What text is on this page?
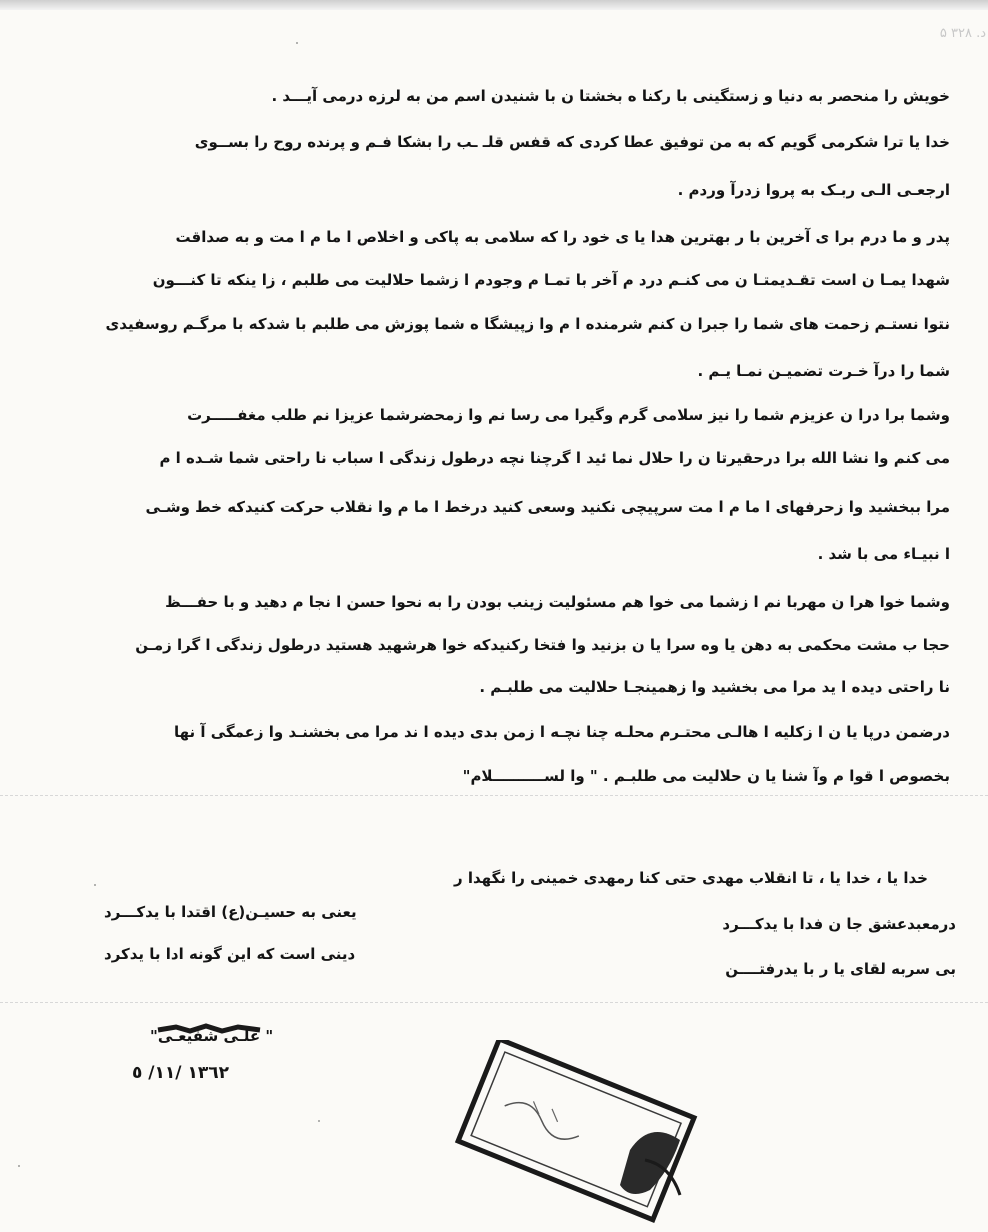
د. ۳۲۸ ۵
خویش را منحصر به دنیا و زستگینی با رکنا ه بخشتا ن با شنیدن اسم من به لرزه درمی آیـــد .
خدا یا ترا شکرمی گویم که به من توفیق عطا کردی که قفس قلـ ـب را بشکا فـم و پرنده روح را بســوی
ارجعـی الـی ربـک به پروا زدرآ وردم .
پدر و ما درم برا ی آخرین با ر بهترین هدا یا ی خود را که سلامی به پاکی و اخلاص ا ما م ا مت و به صداقت
شهدا یمـا ن است تقـدیمتـا ن می کنـم درد م آخر با تمـا م وجودم ا زشما حلالیت می طلبم ، زا ینکه تا کنـــون
نتوا نستـم زحمت های شما را جبرا ن کنم شرمنده ا م وا زپیشگا ه شما پوزش می طلبم با شدکه با مرگـم روسفیدی
شما را درآ خـرت تضمیـن نمـا یـم .
وشما برا درا ن عزیزم شما را نیز سلامی گرم وگیرا می رسا نم وا زمحضرشما عزیزا نم طلب مغفـــــرت
می کنم وا نشا الله برا درحقیرتا ن را حلال نما ئید ا گرچنا نچه درطول زندگی ا سباب نا راحتی شما شـده ا م
مرا ببخشید وا زحرفهای ا ما م ا مت سرپیچی نکنید وسعی کنید درخط ا ما م وا نقلاب حرکت کنیدکه خط وشـی
ا نبیـاء می با شد .
وشما خوا هرا ن مهربا نم ا زشما می خوا هم مسئولیت زینب بودن را به نحوا حسن ا نجا م دهید و با حفـــظ
حجا ب مشت محکمی به دهن یا وه سرا یا ن بزنید وا فتخا رکنیدکه خوا هرشهید هستید درطول زندگی ا گرا زمـن
نا راحتی دیده ا ید مرا می بخشید وا زهمینجـا حلالیت می طلبـم .
درضمن درپا یا ن ا زکلیه ا هالـی محتـرم محلـه چنا نچـه ا زمن بدی دیده ا ند مرا می بخشنـد وا زعمگی آ نها
بخصوص ا قوا م وآ شنا یا ن حلالیت می طلبـم . " وا لســــــــــلام"
خدا یا ، خدا یا ، تا انقلاب مهدی حتی کنا رمهدی خمینی را نگهدا ر
درمعبدعشق جا ن فدا با یدکـــرد
یعنی به حسیـن(ع) اقتدا با یدکـــرد
بی سربه لقای یا ر با یدرفتــــن
دینی است که این گونه ادا با یدکرد
" علـی شفیعـی"
١٣٦٢ /١١/ ٥
